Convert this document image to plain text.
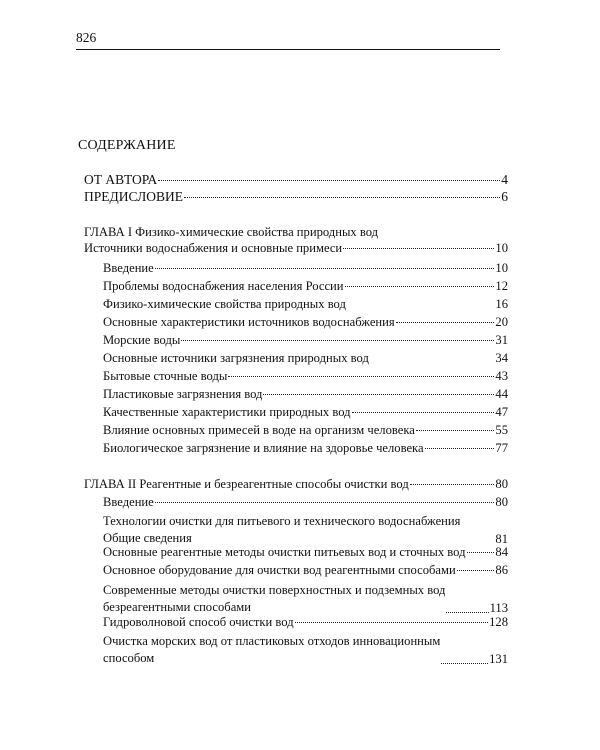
826
СОДЕРЖАНИЕ
ОТ АВТОРА	4
ПРЕДИСЛОВИЕ	6
ГЛАВА I Физико-химические свойства природных вод
Источники водоснабжения и основные примеси	10
Введение	10
Проблемы водоснабжения населения России	12
Физико-химические свойства природных вод	16
Основные характеристики источников водоснабжения	20
Морские воды	31
Основные источники загрязнения природных вод	34
Бытовые сточные воды	43
Пластиковые загрязнения вод	44
Качественные характеристики природных вод	47
Влияние основных примесей в воде на организм человека	55
Биологическое загрязнение и влияние на здоровье человека	77
ГЛАВА II Реагентные и безреагентные способы очистки вод	80
Введение	80
Технологии очистки для питьевого и технического водоснабжения
Общие сведения	81
Основные реагентные методы очистки питьевых вод и сточных вод 84
Основное оборудование для очистки вод реагентными способами	86
Современные методы очистки поверхностных и подземных вод
безреагентными способами	113
Гидроволновой способ очистки вод	128
Очистка морских вод от пластиковых отходов инновационным
способом	131
